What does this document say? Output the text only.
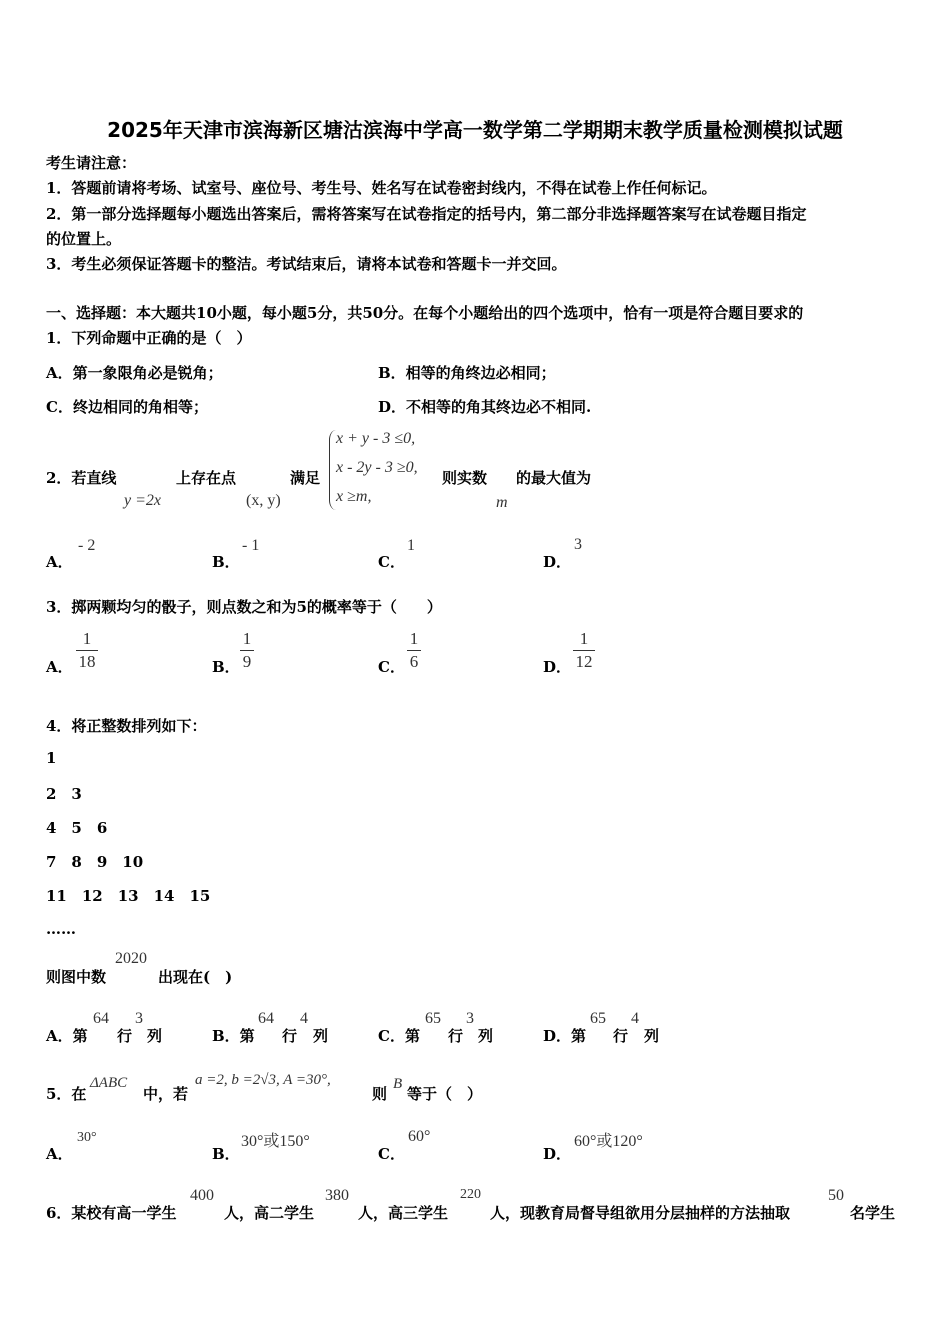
2025年天津市滨海新区塘沽滨海中学高一数学第二学期期末教学质量检测模拟试题
考生请注意：
1．答题前请将考场、试室号、座位号、考生号、姓名写在试卷密封线内，不得在试卷上作任何标记。
2．第一部分选择题每小题选出答案后，需将答案写在试卷指定的括号内，第二部分非选择题答案写在试卷题目指定
的位置上。
3．考生必须保证答题卡的整洁。考试结束后，请将本试卷和答题卡一并交回。
一、选择题：本大题共10小题，每小题5分，共50分。在每个小题给出的四个选项中，恰有一项是符合题目要求的
1．下列命题中正确的是（　）
A．第一象限角必是锐角；	B．相等的角终边必相同；
C．终边相同的角相等；	D．不相等的角其终边必不相同.
2．若直线	上存在点	满足	则实数 的最大值为
y =2x	(x, y)
x + y - 3 ≤0,
x - 2y - 3 ≥0,
x ≥m,	m
A．
- 2
B．
- 1
C．
1
D．
3
3．掷两颗均匀的骰子，则点数之和为5的概率等于（　　）
A．
1
18	B．
1
9	C．
1
6	D．
1
12
4．将正整数排列如下：
1
2　3
4　5　6
7　8　9　10
11　12　13　14　15
……
则图中数
2020
出现在(　)
A．第
64
行
3
列	B．第
64
行
4
列	C．第
65
行
3
列	D．第
65
行
4
列
5．在
ΔABC
中，若
a =2, b =2√3, A =30°,
则
B
等于（　）
A．
30°
B．
30°或150°
C．
60°
D．
60°或120°
6．某校有高一学生
400
人，高二学生
380
人，高三学生
220
人，现教育局督导组欲用分层抽样的方法抽取
50
名学生
